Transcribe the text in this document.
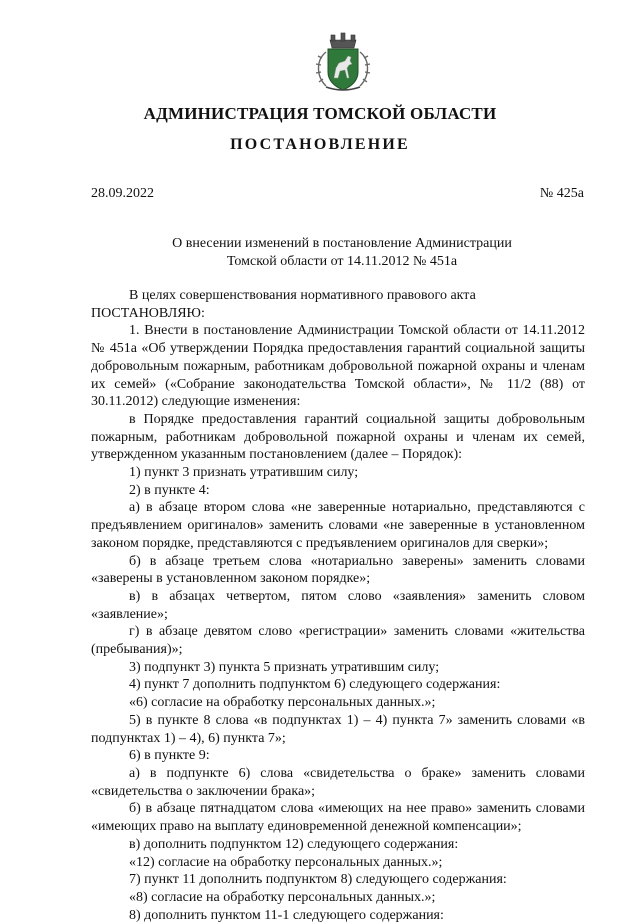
АДМИНИСТРАЦИЯ ТОМСКОЙ ОБЛАСТИ
ПОСТАНОВЛЕНИЕ
28.09.2022	№ 425а
О внесении изменений в постановление Администрации
Томской области от 14.11.2012 № 451а

В целях совершенствования нормативного правового акта

ПОСТАНОВЛЯЮ:

1. Внести в постановление Администрации Томской области от 14.11.2012 № 451а «Об утверждении Порядка предоставления гарантий социальной защиты добровольным пожарным, работникам добровольной пожарной охраны и членам их семей» («Собрание законодательства Томской области», № 11/2 (88) от 30.11.2012) следующие изменения:

в Порядке предоставления гарантий социальной защиты добровольным пожарным, работникам добровольной пожарной охраны и членам их семей, утвержденном указанным постановлением (далее – Порядок):

1) пункт 3 признать утратившим силу;

2) в пункте 4:

а) в абзаце втором слова «не заверенные нотариально, представляются с предъявлением оригиналов» заменить словами «не заверенные в установленном законом порядке, представляются с предъявлением оригиналов для сверки»;

б) в абзаце третьем слова «нотариально заверены» заменить словами «заверены в установленном законом порядке»;

в) в абзацах четвертом, пятом слово «заявления» заменить словом «заявление»;

г) в абзаце девятом слово «регистрации» заменить словами «жительства (пребывания)»;

3) подпункт 3) пункта 5 признать утратившим силу;

4) пункт 7 дополнить подпунктом 6) следующего содержания:

«6) согласие на обработку персональных данных.»;

5) в пункте 8 слова «в подпунктах 1) – 4) пункта 7» заменить словами «в подпунктах 1) – 4), 6) пункта 7»;

6) в пункте 9:

а) в подпункте 6) слова «свидетельства о браке» заменить словами «свидетельства о заключении брака»;

б) в абзаце пятнадцатом слова «имеющих на нее право» заменить словами «имеющих право на выплату единовременной денежной компенсации»;

в) дополнить подпунктом 12) следующего содержания:

«12) согласие на обработку персональных данных.»;

7) пункт 11 дополнить подпунктом 8) следующего содержания:

«8) согласие на обработку персональных данных.»;

8) дополнить пунктом 11-1 следующего содержания:
